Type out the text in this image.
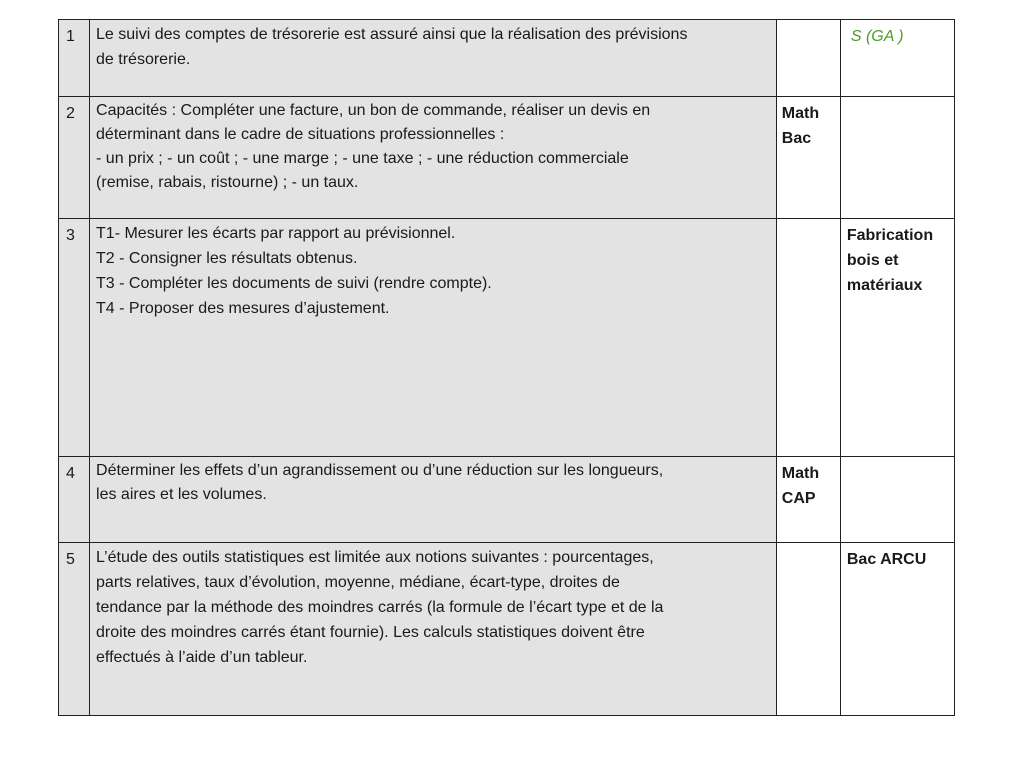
1	Le suivi des comptes de trésorerie est assuré ainsi que la réalisation des prévisions
de trésorerie.		S (GA )

2	Capacités : Compléter une facture, un bon de commande, réaliser un devis en
déterminant dans le cadre de situations professionnelles :
- un prix ; - un coût ; - une marge ; - une taxe ; - une réduction commerciale
(remise, rabais, ristourne) ; - un taux.	Math
Bac	

3	T1- Mesurer les écarts par rapport au prévisionnel.
T2 - Consigner les résultats obtenus.
T3 - Compléter les documents de suivi (rendre compte).
T4 - Proposer des mesures d’ajustement.		Fabrication
bois et
matériaux

4	Déterminer les effets d’un agrandissement ou d’une réduction sur les longueurs,
les aires et les volumes.	Math
CAP	

5	L’étude des outils statistiques est limitée aux notions suivantes : pourcentages,
parts relatives, taux d’évolution, moyenne, médiane, écart-type, droites de
tendance par la méthode des moindres carrés (la formule de l’écart type et de la
droite des moindres carrés étant fournie). Les calculs statistiques doivent être
effectués à l’aide d’un tableur.		Bac ARCU
